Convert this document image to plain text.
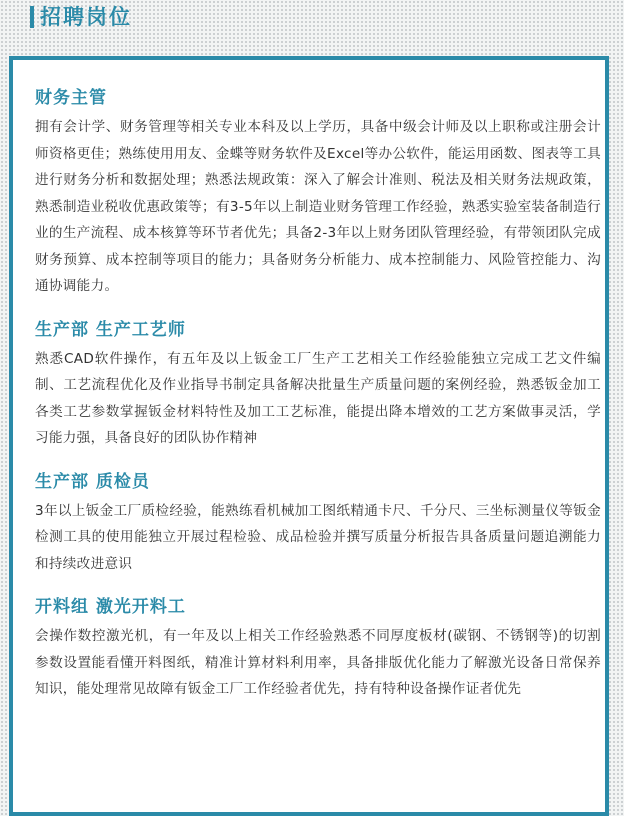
招聘岗位
财务主管

拥有会计学、财务管理等相关专业本科及以上学历，具备中级会计师及以上职称或注册会计师资格更佳；熟练使用用友、金蝶等财务软件及Excel等办公软件，能运用函数、图表等工具进行财务分析和数据处理；熟悉法规政策：深入了解会计准则、税法及相关财务法规政策，熟悉制造业税收优惠政策等；有3-5年以上制造业财务管理工作经验，熟悉实验室装备制造行业的生产流程、成本核算等环节者优先；具备2-3年以上财务团队管理经验，有带领团队完成财务预算、成本控制等项目的能力；具备财务分析能力、成本控制能力、风险管控能力、沟通协调能力。

生产部 生产工艺师

熟悉CAD软件操作，有五年及以上钣金工厂生产工艺相关工作经验能独立完成工艺文件编制、工艺流程优化及作业指导书制定具备解决批量生产质量问题的案例经验，熟悉钣金加工各类工艺参数掌握钣金材料特性及加工工艺标准，能提出降本增效的工艺方案做事灵活，学习能力强，具备良好的团队协作精神

生产部 质检员

3年以上钣金工厂质检经验，能熟练看机械加工图纸精通卡尺、千分尺、三坐标测量仪等钣金检测工具的使用能独立开展过程检验、成品检验并撰写质量分析报告具备质量问题追溯能力和持续改进意识

开料组 激光开料工

会操作数控激光机，有一年及以上相关工作经验熟悉不同厚度板材(碳钢、不锈钢等)的切割参数设置能看懂开料图纸，精准计算材料利用率，具备排版优化能力了解激光设备日常保养知识，能处理常见故障有钣金工厂工作经验者优先，持有特种设备操作证者优先
